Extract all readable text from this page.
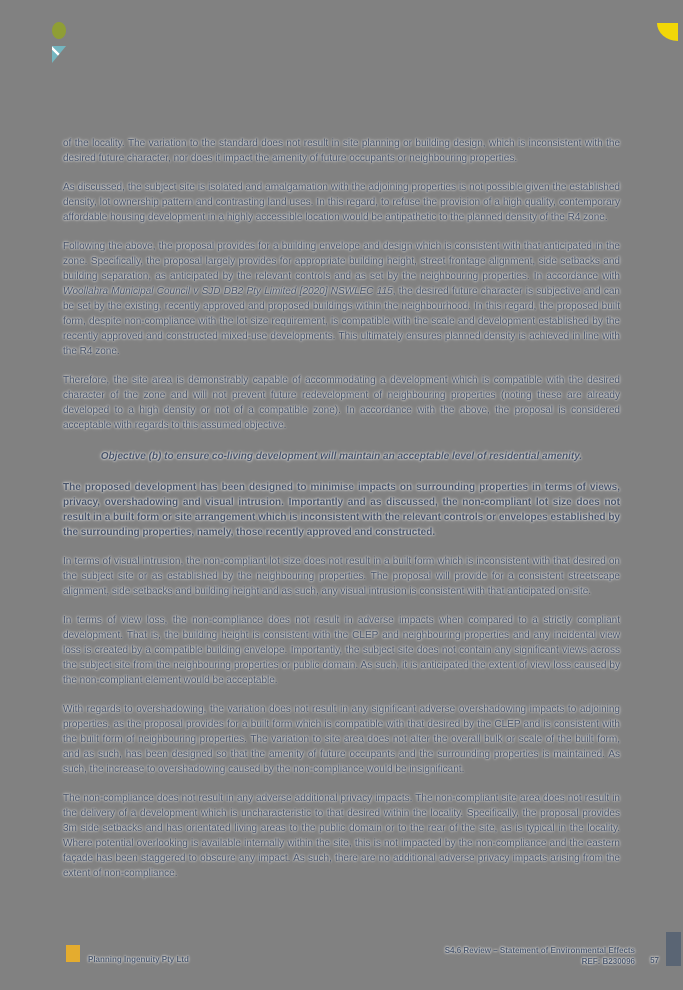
of the locality. The variation to the standard does not result in site planning or building design, which is inconsistent with the desired future character, nor does it impact the amenity of future occupants or neighbouring properties.

As discussed, the subject site is isolated and amalgamation with the adjoining properties is not possible given the established density, lot ownership pattern and contrasting land uses. In this regard, to refuse the provision of a high quality, contemporary affordable housing development in a highly accessible location would be antipathetic to the planned density of the R4 zone.

Following the above, the proposal provides for a building envelope and design which is consistent with that anticipated in the zone. Specifically, the proposal largely provides for appropriate building height, street frontage alignment, side setbacks and building separation, as anticipated by the relevant controls and as set by the neighbouring properties. In accordance with Woollahra Municipal Council v SJD DB2 Pty Limited [2020] NSWLEC 115, the desired future character is subjective and can be set by the existing, recently approved and proposed buildings within the neighbourhood. In this regard, the proposed built form, despite non-compliance with the lot size requirement, is compatible with the scale and development established by the recently approved and constructed mixed-use developments. This ultimately ensures planned density is achieved in line with the R4 zone.

Therefore, the site area is demonstrably capable of accommodating a development which is compatible with the desired character of the zone and will not prevent future redevelopment of neighbouring properties (noting these are already developed to a high density or not of a compatible zone). In accordance with the above, the proposal is considered acceptable with regards to this assumed objective.

Objective (b) to ensure co-living development will maintain an acceptable level of residential amenity.

The proposed development has been designed to minimise impacts on surrounding properties in terms of views, privacy, overshadowing and visual intrusion. Importantly and as discussed, the non-compliant lot size does not result in a built form or site arrangement which is inconsistent with the relevant controls or envelopes established by the surrounding properties, namely, those recently approved and constructed.

In terms of visual intrusion, the non-compliant lot size does not result in a built form which is inconsistent with that desired on the subject site or as established by the neighbouring properties. The proposal will provide for a consistent streetscape alignment, side setbacks and building height and as such, any visual intrusion is consistent with that anticipated on-site.

In terms of view loss, the non-compliance does not result in adverse impacts when compared to a strictly compliant development. That is, the building height is consistent with the CLEP and neighbouring properties and any incidental view loss is created by a compatible building envelope. Importantly, the subject site does not contain any significant views across the subject site from the neighbouring properties or public domain. As such, it is anticipated the extent of view loss caused by the non-compliant element would be acceptable.

With regards to overshadowing, the variation does not result in any significant adverse overshadowing impacts to adjoining properties, as the proposal provides for a built form which is compatible with that desired by the CLEP and is consistent with the built form of neighbouring properties. The variation to site area does not alter the overall bulk or scale of the built form, and as such, has been designed so that the amenity of future occupants and the surrounding properties is maintained. As such, the increase to overshadowing caused by the non-compliance would be insignificant.

The non-compliance does not result in any adverse additional privacy impacts. The non-compliant site area does not result in the delivery of a development which is uncharacteristic to that desired within the locality. Specifically, the proposal provides 3m side setbacks and has orientated living areas to the public domain or to the rear of the site, as is typical in the locality. Where potential overlooking is available internally within the site, this is not impacted by the non-compliance and the eastern façade has been staggered to obscure any impact. As such, there are no additional adverse privacy impacts arising from the extent of non-compliance.

Planning Ingenuity Pty Ltd
S4.6 Review – Statement of Environmental Effects
REF: B230096 57
